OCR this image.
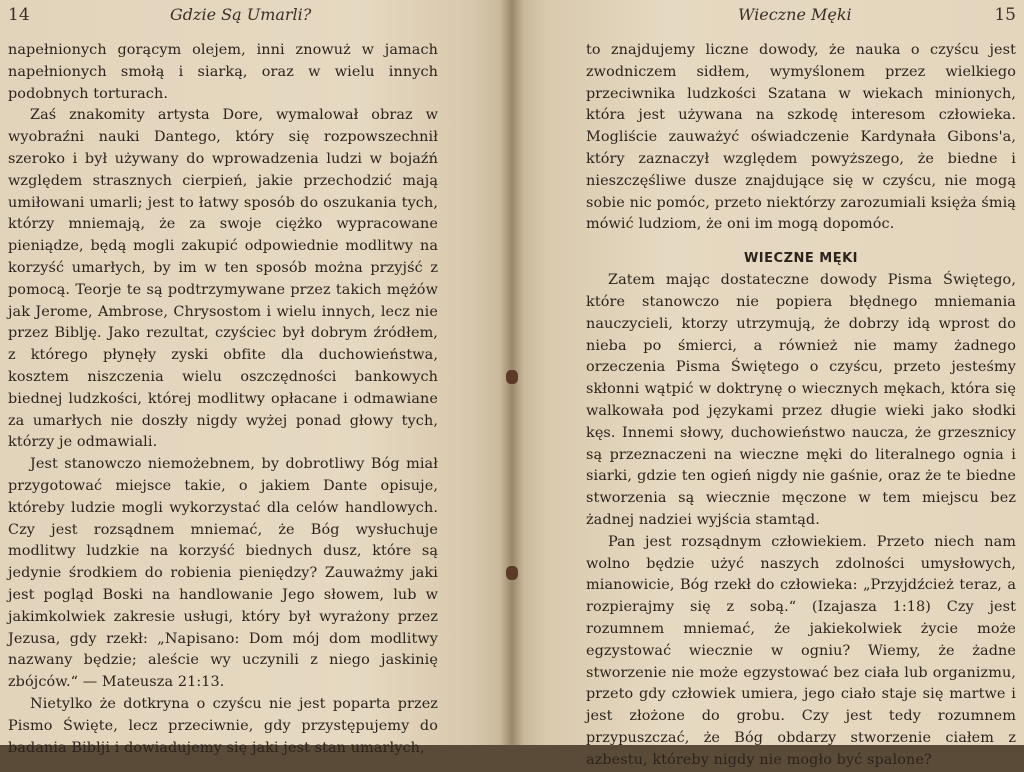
14	Gdzie Są Umarli?

napełnionych gorącym olejem, inni znowuż w jamach napełnionych smołą i siarką, oraz w wielu innych podobnych torturach.

Zaś znakomity artysta Dore, wymalował obraz w wyobraźni nauki Dantego, który się rozpowszechnił szeroko i był używany do wprowadzenia ludzi w bojaźń względem strasznych cierpień, jakie przechodzić mają umiłowani umarli; jest to łatwy sposób do oszukania tych, którzy mniemają, że za swoje ciężko wypracowane pieniądze, będą mogli zakupić odpowiednie modlitwy na korzyść umarłych, by im w ten sposób można przyjść z pomocą. Teorje te są podtrzymywane przez takich mężów jak Jerome, Ambrose, Chrysostom i wielu innych, lecz nie przez Biblję. Jako rezultat, czyściec był dobrym źródłem, z którego płynęły zyski obfite dla duchowieństwa, kosztem niszczenia wielu oszczędności bankowych biednej ludzkości, której modlitwy opłacane i odmawiane za umarłych nie doszły nigdy wyżej ponad głowy tych, którzy je odmawiali.

Jest stanowczo niemożebnem, by dobrotliwy Bóg miał przygotować miejsce takie, o jakiem Dante opisuje, któreby ludzie mogli wykorzystać dla celów handlowych. Czy jest rozsądnem mniemać, że Bóg wysłuchuje modlitwy ludzkie na korzyść biednych dusz, które są jedynie środkiem do robienia pieniędzy? Zauważmy jaki jest pogląd Boski na handlowanie Jego słowem, lub w jakimkolwiek zakresie usługi, który był wyrażony przez Jezusa, gdy rzekł: „Napisano: Dom mój dom modlitwy nazwany będzie; aleście wy uczynili z niego jaskinię zbójców.“ — Mateusza 21:13.

Nietylko że dotkryna o czyścu nie jest poparta przez Pismo Święte, lecz przeciwnie, gdy przystępujemy do badania Biblji i dowiadujemy się jaki jest stan umarłych,

Wieczne Męki	15

to znajdujemy liczne dowody, że nauka o czyścu jest zwodniczem sidłem, wymyślonem przez wielkiego przeciwnika ludzkości Szatana w wiekach minionych, która jest używana na szkodę interesom człowieka. Mogliście zauważyć oświadczenie Kardynała Gibons'a, który zaznaczył względem powyższego, że biedne i nieszczęśliwe dusze znajdujące się w czyścu, nie mogą sobie nic pomóc, przeto niektórzy zarozumiali księża śmią mówić ludziom, że oni im mogą dopomóc.

WIECZNE MĘKI

Zatem mając dostateczne dowody Pisma Świętego, które stanowczo nie popiera błędnego mniemania nauczycieli, ktorzy utrzymują, że dobrzy idą wprost do nieba po śmierci, a również nie mamy żadnego orzeczenia Pisma Świętego o czyścu, przeto jesteśmy skłonni wątpić w doktrynę o wiecznych mękach, która się walkowała pod językami przez długie wieki jako słodki kęs. Innemi słowy, duchowieństwo naucza, że grzesznicy są przeznaczeni na wieczne męki do literalnego ognia i siarki, gdzie ten ogień nigdy nie gaśnie, oraz że te biedne stworzenia są wiecznie męczone w tem miejscu bez żadnej nadziei wyjścia stamtąd.

Pan jest rozsądnym człowiekiem. Przeto niech nam wolno będzie użyć naszych zdolności umysłowych, mianowicie, Bóg rzekł do człowieka: „Przyjdźcież teraz, a rozpierajmy się z sobą.“ (Izajasza 1:18) Czy jest rozumnem mniemać, że jakiekolwiek życie może egzystować wiecznie w ogniu? Wiemy, że żadne stworzenie nie może egzystować bez ciała lub organizmu, przeto gdy człowiek umiera, jego ciało staje się martwe i jest złożone do grobu. Czy jest tedy rozumnem przypuszczać, że Bóg obdarzy stworzenie ciałem z azbestu, któreby nigdy nie mogło być spalone?
